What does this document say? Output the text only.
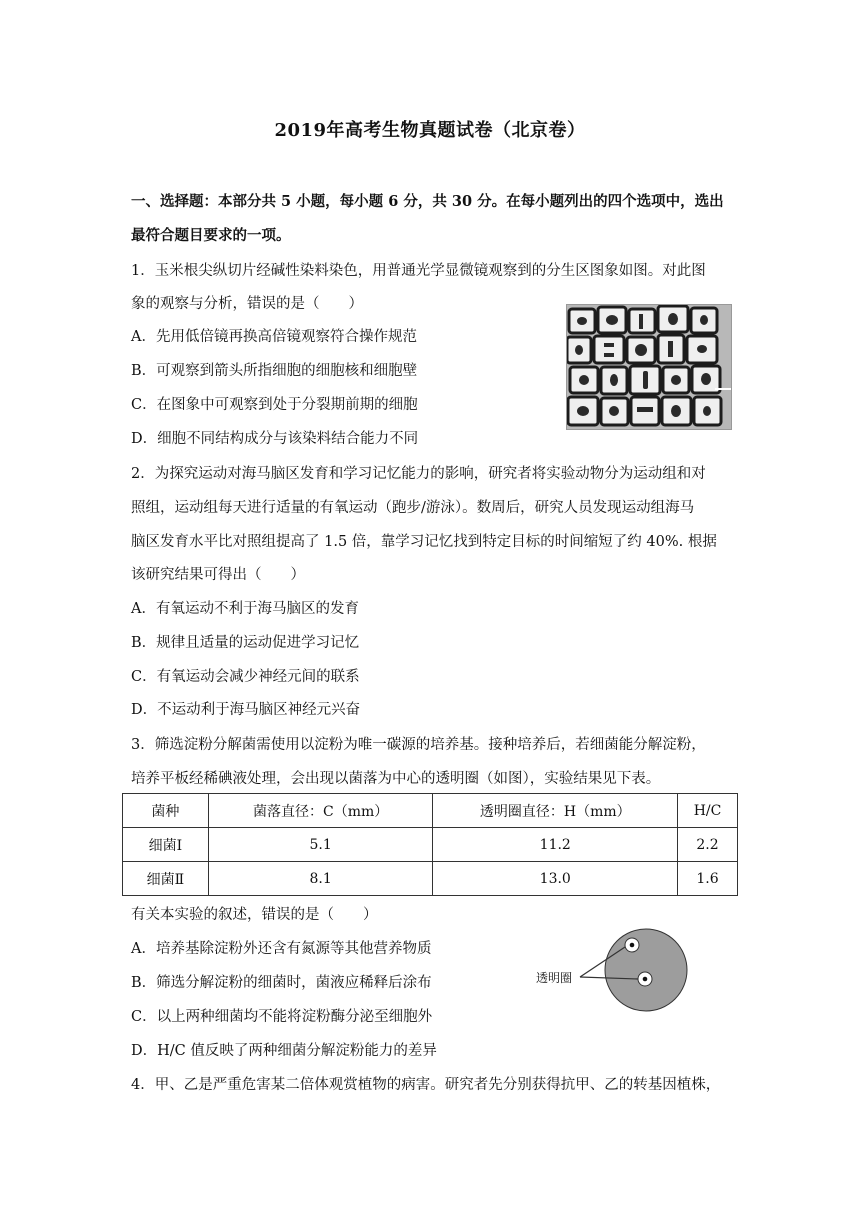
2019年高考生物真题试卷（北京卷）
一、选择题：本部分共 5 小题，每小题 6 分，共 30 分。在每小题列出的四个选项中，选出
最符合题目要求的一项。
1．玉米根尖纵切片经碱性染料染色，用普通光学显微镜观察到的分生区图象如图。对此图
象的观察与分析，错误的是（　　）
A．先用低倍镜再换高倍镜观察符合操作规范
B．可观察到箭头所指细胞的细胞核和细胞壁
C．在图象中可观察到处于分裂期前期的细胞
D．细胞不同结构成分与该染料结合能力不同
2．为探究运动对海马脑区发育和学习记忆能力的影响，研究者将实验动物分为运动组和对
照组，运动组每天进行适量的有氧运动（跑步/游泳）。数周后，研究人员发现运动组海马
脑区发育水平比对照组提高了 1.5 倍，靠学习记忆找到特定目标的时间缩短了约 40%. 根据
该研究结果可得出（　　）
A．有氧运动不利于海马脑区的发育
B．规律且适量的运动促进学习记忆
C．有氧运动会减少神经元间的联系
D．不运动利于海马脑区神经元兴奋
3．筛选淀粉分解菌需使用以淀粉为唯一碳源的培养基。接种培养后，若细菌能分解淀粉，
培养平板经稀碘液处理，会出现以菌落为中心的透明圈（如图），实验结果见下表。
菌种	菌落直径：C（mm）	透明圈直径：H（mm）	H/C
细菌Ⅰ	5.1	11.2	2.2
细菌Ⅱ	8.1	13.0	1.6
有关本实验的叙述，错误的是（　　）
A．培养基除淀粉外还含有氮源等其他营养物质
B．筛选分解淀粉的细菌时，菌液应稀释后涂布
C．以上两种细菌均不能将淀粉酶分泌至细胞外
D．H/C 值反映了两种细菌分解淀粉能力的差异
透明圈
4．甲、乙是严重危害某二倍体观赏植物的病害。研究者先分别获得抗甲、乙的转基因植株，
